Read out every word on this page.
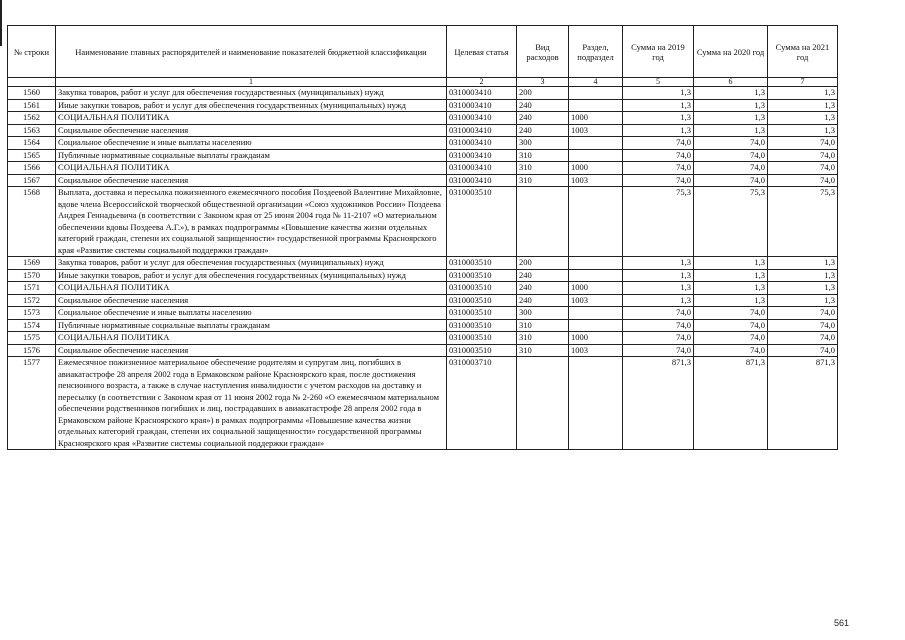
№ строки	Наименование главных распорядителей и наименование показателей бюджетной классификации	Целевая статья	Вид расходов	Раздел, подраздел	Сумма на 2019 год	Сумма на 2020 год	Сумма на 2021 год
	1	2	3	4	5	6	7
1560	Закупка товаров, работ и услуг для обеспечения государственных (муниципальных) нужд	0310003410	200		1,3	1,3	1,3
1561	Иные закупки товаров, работ и услуг для обеспечения государственных (муниципальных) нужд	0310003410	240		1,3	1,3	1,3
1562	СОЦИАЛЬНАЯ ПОЛИТИКА	0310003410	240	1000	1,3	1,3	1,3
1563	Социальное обеспечение населения	0310003410	240	1003	1,3	1,3	1,3
1564	Социальное обеспечение и иные выплаты населению	0310003410	300		74,0	74,0	74,0
1565	Публичные нормативные социальные выплаты гражданам	0310003410	310		74,0	74,0	74,0
1566	СОЦИАЛЬНАЯ ПОЛИТИКА	0310003410	310	1000	74,0	74,0	74,0
1567	Социальное обеспечение населения	0310003410	310	1003	74,0	74,0	74,0
1568	Выплата, доставка и пересылка пожизненного ежемесячного пособия Поздеевой Валентине Михайловне, вдове члена Всероссийской творческой общественной организации «Союз художников России» Поздеева Андрея Геннадьевича (в соответствии с Законом края от 25 июня 2004 года № 11-2107 «О материальном обеспечении вдовы Поздеева А.Г.»), в рамках подпрограммы «Повышение качества жизни отдельных категорий граждан, степени их социальной защищенности» государственной программы Красноярского края «Развитие системы социальной поддержки граждан»	0310003510			75,3	75,3	75,3
1569	Закупка товаров, работ и услуг для обеспечения государственных (муниципальных) нужд	0310003510	200		1,3	1,3	1,3
1570	Иные закупки товаров, работ и услуг для обеспечения государственных (муниципальных) нужд	0310003510	240		1,3	1,3	1,3
1571	СОЦИАЛЬНАЯ ПОЛИТИКА	0310003510	240	1000	1,3	1,3	1,3
1572	Социальное обеспечение населения	0310003510	240	1003	1,3	1,3	1,3
1573	Социальное обеспечение и иные выплаты населению	0310003510	300		74,0	74,0	74,0
1574	Публичные нормативные социальные выплаты гражданам	0310003510	310		74,0	74,0	74,0
1575	СОЦИАЛЬНАЯ ПОЛИТИКА	0310003510	310	1000	74,0	74,0	74,0
1576	Социальное обеспечение населения	0310003510	310	1003	74,0	74,0	74,0
1577	Ежемесячное пожизненное материальное обеспечение родителям и супругам лиц, погибших в авиакатастрофе 28 апреля 2002 года в Ермаковском районе Красноярского края, после достижения пенсионного возраста, а также в случае наступления инвалидности с учетом расходов на доставку и пересылку (в соответствии с Законом края от 11 июня 2002 года № 2-260 «О ежемесячном материальном обеспечении родственников погибших и лиц, пострадавших в авиакатастрофе 28 апреля 2002 года в Ермаковском районе Красноярского края») в рамках подпрограммы «Повышение качества жизни отдельных категорий граждан, степени их социальной защищенности» государственной программы Красноярского края «Развитие системы социальной поддержки граждан»	0310003710			871,3	871,3	871,3
561
